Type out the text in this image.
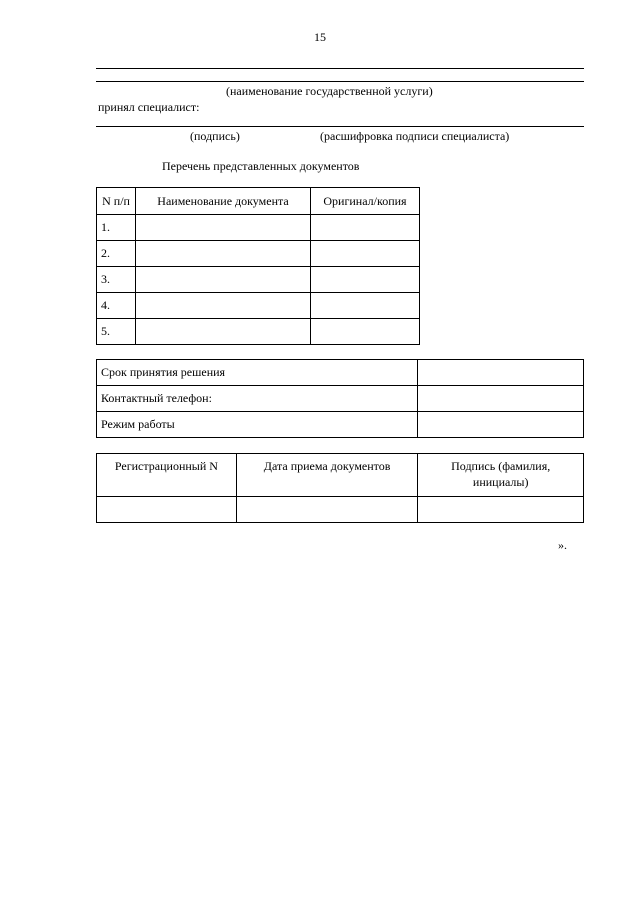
15
(наименование государственной услуги)
принял специалист:
(подпись)	(расшифровка подписи специалиста)
Перечень представленных документов
N п/п	Наименование документа	Оригинал/копия
1.		
2.		
3.		
4.		
5.		
Срок принятия решения	
Контактный телефон:	
Режим работы	
Регистрационный N	Дата приема документов	Подпись (фамилия, инициалы)

».
